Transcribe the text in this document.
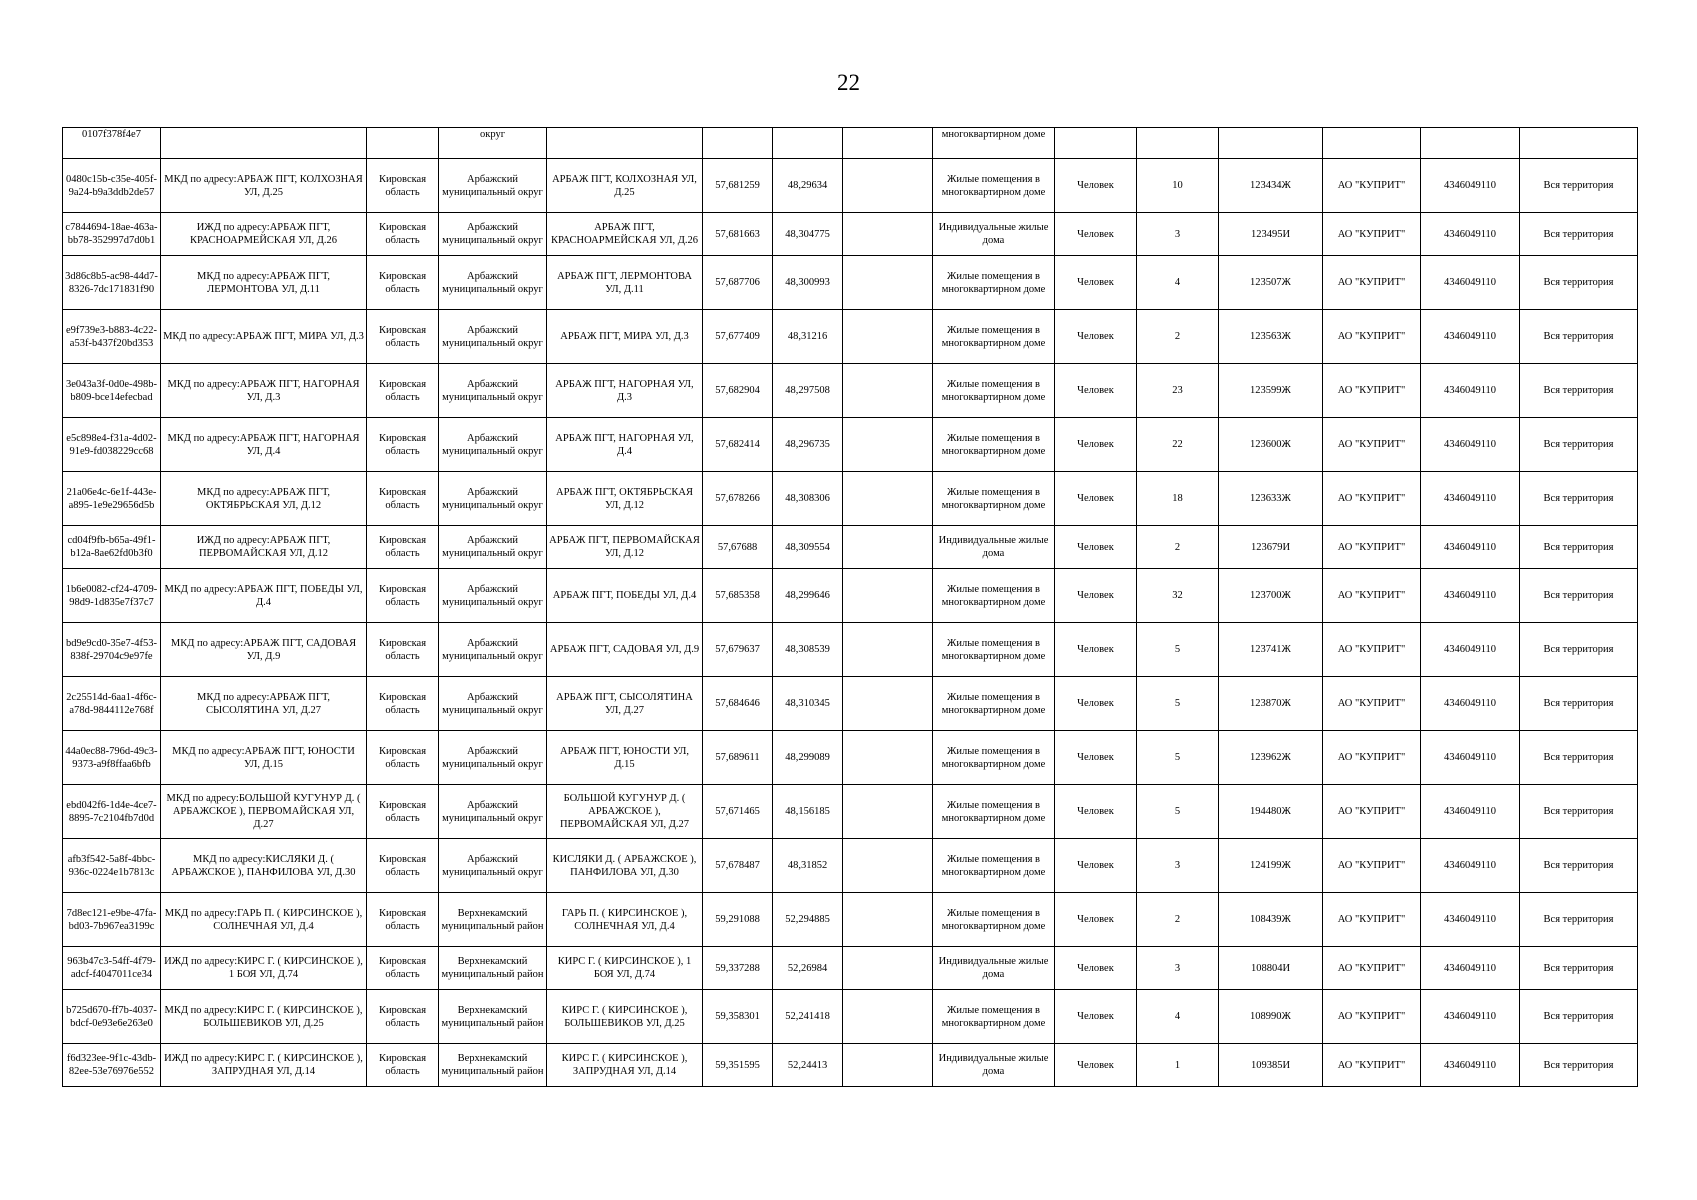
22
0107f378f4e7			округ					многоквартирном доме						
0480c15b-c35e-405f-9a24-b9a3ddb2de57	МКД по адресу:АРБАЖ ПГТ, КОЛХОЗНАЯ УЛ, Д.25	Кировская область	Арбажский муниципальный округ	АРБАЖ ПГТ, КОЛХОЗНАЯ УЛ, Д.25	57,681259	48,29634		Жилые помещения в многоквартирном доме	Человек	10	123434Ж	АО "КУПРИТ"	4346049110	Вся территория
c7844694-18ae-463a-bb78-352997d7d0b1	ИЖД по адресу:АРБАЖ ПГТ, КРАСНОАРМЕЙСКАЯ УЛ, Д.26	Кировская область	Арбажский муниципальный округ	АРБАЖ ПГТ, КРАСНОАРМЕЙСКАЯ УЛ, Д.26	57,681663	48,304775		Индивидуальные жилые дома	Человек	3	123495И	АО "КУПРИТ"	4346049110	Вся территория
3d86c8b5-ac98-44d7-8326-7dc171831f90	МКД по адресу:АРБАЖ ПГТ, ЛЕРМОНТОВА УЛ, Д.11	Кировская область	Арбажский муниципальный округ	АРБАЖ ПГТ, ЛЕРМОНТОВА УЛ, Д.11	57,687706	48,300993		Жилые помещения в многоквартирном доме	Человек	4	123507Ж	АО "КУПРИТ"	4346049110	Вся территория
e9f739e3-b883-4c22-a53f-b437f20bd353	МКД по адресу:АРБАЖ ПГТ, МИРА УЛ, Д.3	Кировская область	Арбажский муниципальный округ	АРБАЖ ПГТ, МИРА УЛ, Д.3	57,677409	48,31216		Жилые помещения в многоквартирном доме	Человек	2	123563Ж	АО "КУПРИТ"	4346049110	Вся территория
3e043a3f-0d0e-498b-b809-bce14efecbad	МКД по адресу:АРБАЖ ПГТ, НАГОРНАЯ УЛ, Д.3	Кировская область	Арбажский муниципальный округ	АРБАЖ ПГТ, НАГОРНАЯ УЛ, Д.3	57,682904	48,297508		Жилые помещения в многоквартирном доме	Человек	23	123599Ж	АО "КУПРИТ"	4346049110	Вся территория
e5c898e4-f31a-4d02-91e9-fd038229cc68	МКД по адресу:АРБАЖ ПГТ, НАГОРНАЯ УЛ, Д.4	Кировская область	Арбажский муниципальный округ	АРБАЖ ПГТ, НАГОРНАЯ УЛ, Д.4	57,682414	48,296735		Жилые помещения в многоквартирном доме	Человек	22	123600Ж	АО "КУПРИТ"	4346049110	Вся территория
21a06e4c-6e1f-443e-a895-1e9e29656d5b	МКД по адресу:АРБАЖ ПГТ, ОКТЯБРЬСКАЯ УЛ, Д.12	Кировская область	Арбажский муниципальный округ	АРБАЖ ПГТ, ОКТЯБРЬСКАЯ УЛ, Д.12	57,678266	48,308306		Жилые помещения в многоквартирном доме	Человек	18	123633Ж	АО "КУПРИТ"	4346049110	Вся территория
cd04f9fb-b65a-49f1-b12a-8ae62fd0b3f0	ИЖД по адресу:АРБАЖ ПГТ, ПЕРВОМАЙСКАЯ УЛ, Д.12	Кировская область	Арбажский муниципальный округ	АРБАЖ ПГТ, ПЕРВОМАЙСКАЯ УЛ, Д.12	57,67688	48,309554		Индивидуальные жилые дома	Человек	2	123679И	АО "КУПРИТ"	4346049110	Вся территория
1b6e0082-cf24-4709-98d9-1d835e7f37c7	МКД по адресу:АРБАЖ ПГТ, ПОБЕДЫ УЛ, Д.4	Кировская область	Арбажский муниципальный округ	АРБАЖ ПГТ, ПОБЕДЫ УЛ, Д.4	57,685358	48,299646		Жилые помещения в многоквартирном доме	Человек	32	123700Ж	АО "КУПРИТ"	4346049110	Вся территория
bd9e9cd0-35e7-4f53-838f-29704c9e97fe	МКД по адресу:АРБАЖ ПГТ, САДОВАЯ УЛ, Д.9	Кировская область	Арбажский муниципальный округ	АРБАЖ ПГТ, САДОВАЯ УЛ, Д.9	57,679637	48,308539		Жилые помещения в многоквартирном доме	Человек	5	123741Ж	АО "КУПРИТ"	4346049110	Вся территория
2c25514d-6aa1-4f6c-a78d-9844112e768f	МКД по адресу:АРБАЖ ПГТ, СЫСОЛЯТИНА УЛ, Д.27	Кировская область	Арбажский муниципальный округ	АРБАЖ ПГТ, СЫСОЛЯТИНА УЛ, Д.27	57,684646	48,310345		Жилые помещения в многоквартирном доме	Человек	5	123870Ж	АО "КУПРИТ"	4346049110	Вся территория
44a0ec88-796d-49c3-9373-a9f8ffaa6bfb	МКД по адресу:АРБАЖ ПГТ, ЮНОСТИ УЛ, Д.15	Кировская область	Арбажский муниципальный округ	АРБАЖ ПГТ, ЮНОСТИ УЛ, Д.15	57,689611	48,299089		Жилые помещения в многоквартирном доме	Человек	5	123962Ж	АО "КУПРИТ"	4346049110	Вся территория
ebd042f6-1d4e-4ce7-8895-7c2104fb7d0d	МКД по адресу:БОЛЬШОЙ КУГУНУР Д. ( АРБАЖСКОЕ ), ПЕРВОМАЙСКАЯ УЛ, Д.27	Кировская область	Арбажский муниципальный округ	БОЛЬШОЙ КУГУНУР Д. ( АРБАЖСКОЕ ), ПЕРВОМАЙСКАЯ УЛ, Д.27	57,671465	48,156185		Жилые помещения в многоквартирном доме	Человек	5	194480Ж	АО "КУПРИТ"	4346049110	Вся территория
afb3f542-5a8f-4bbc-936c-0224e1b7813c	МКД по адресу:КИСЛЯКИ Д. ( АРБАЖСКОЕ ), ПАНФИЛОВА УЛ, Д.30	Кировская область	Арбажский муниципальный округ	КИСЛЯКИ Д. ( АРБАЖСКОЕ ), ПАНФИЛОВА УЛ, Д.30	57,678487	48,31852		Жилые помещения в многоквартирном доме	Человек	3	124199Ж	АО "КУПРИТ"	4346049110	Вся территория
7d8ec121-e9be-47fa-bd03-7b967ea3199c	МКД по адресу:ГАРЬ П. ( КИРСИНСКОЕ ), СОЛНЕЧНАЯ УЛ, Д.4	Кировская область	Верхнекамский муниципальный район	ГАРЬ П. ( КИРСИНСКОЕ ), СОЛНЕЧНАЯ УЛ, Д.4	59,291088	52,294885		Жилые помещения в многоквартирном доме	Человек	2	108439Ж	АО "КУПРИТ"	4346049110	Вся территория
963b47c3-54ff-4f79-adcf-f4047011ce34	ИЖД по адресу:КИРС Г. ( КИРСИНСКОЕ ), 1 БОЯ УЛ, Д.74	Кировская область	Верхнекамский муниципальный район	КИРС Г. ( КИРСИНСКОЕ ), 1 БОЯ УЛ, Д.74	59,337288	52,26984		Индивидуальные жилые дома	Человек	3	108804И	АО "КУПРИТ"	4346049110	Вся территория
b725d670-ff7b-4037-bdcf-0e93e6e263e0	МКД по адресу:КИРС Г. ( КИРСИНСКОЕ ), БОЛЬШЕВИКОВ УЛ, Д.25	Кировская область	Верхнекамский муниципальный район	КИРС Г. ( КИРСИНСКОЕ ), БОЛЬШЕВИКОВ УЛ, Д.25	59,358301	52,241418		Жилые помещения в многоквартирном доме	Человек	4	108990Ж	АО "КУПРИТ"	4346049110	Вся территория
f6d323ee-9f1c-43db-82ee-53e76976e552	ИЖД по адресу:КИРС Г. ( КИРСИНСКОЕ ), ЗАПРУДНАЯ УЛ, Д.14	Кировская область	Верхнекамский муниципальный район	КИРС Г. ( КИРСИНСКОЕ ), ЗАПРУДНАЯ УЛ, Д.14	59,351595	52,24413		Индивидуальные жилые дома	Человек	1	109385И	АО "КУПРИТ"	4346049110	Вся территория
